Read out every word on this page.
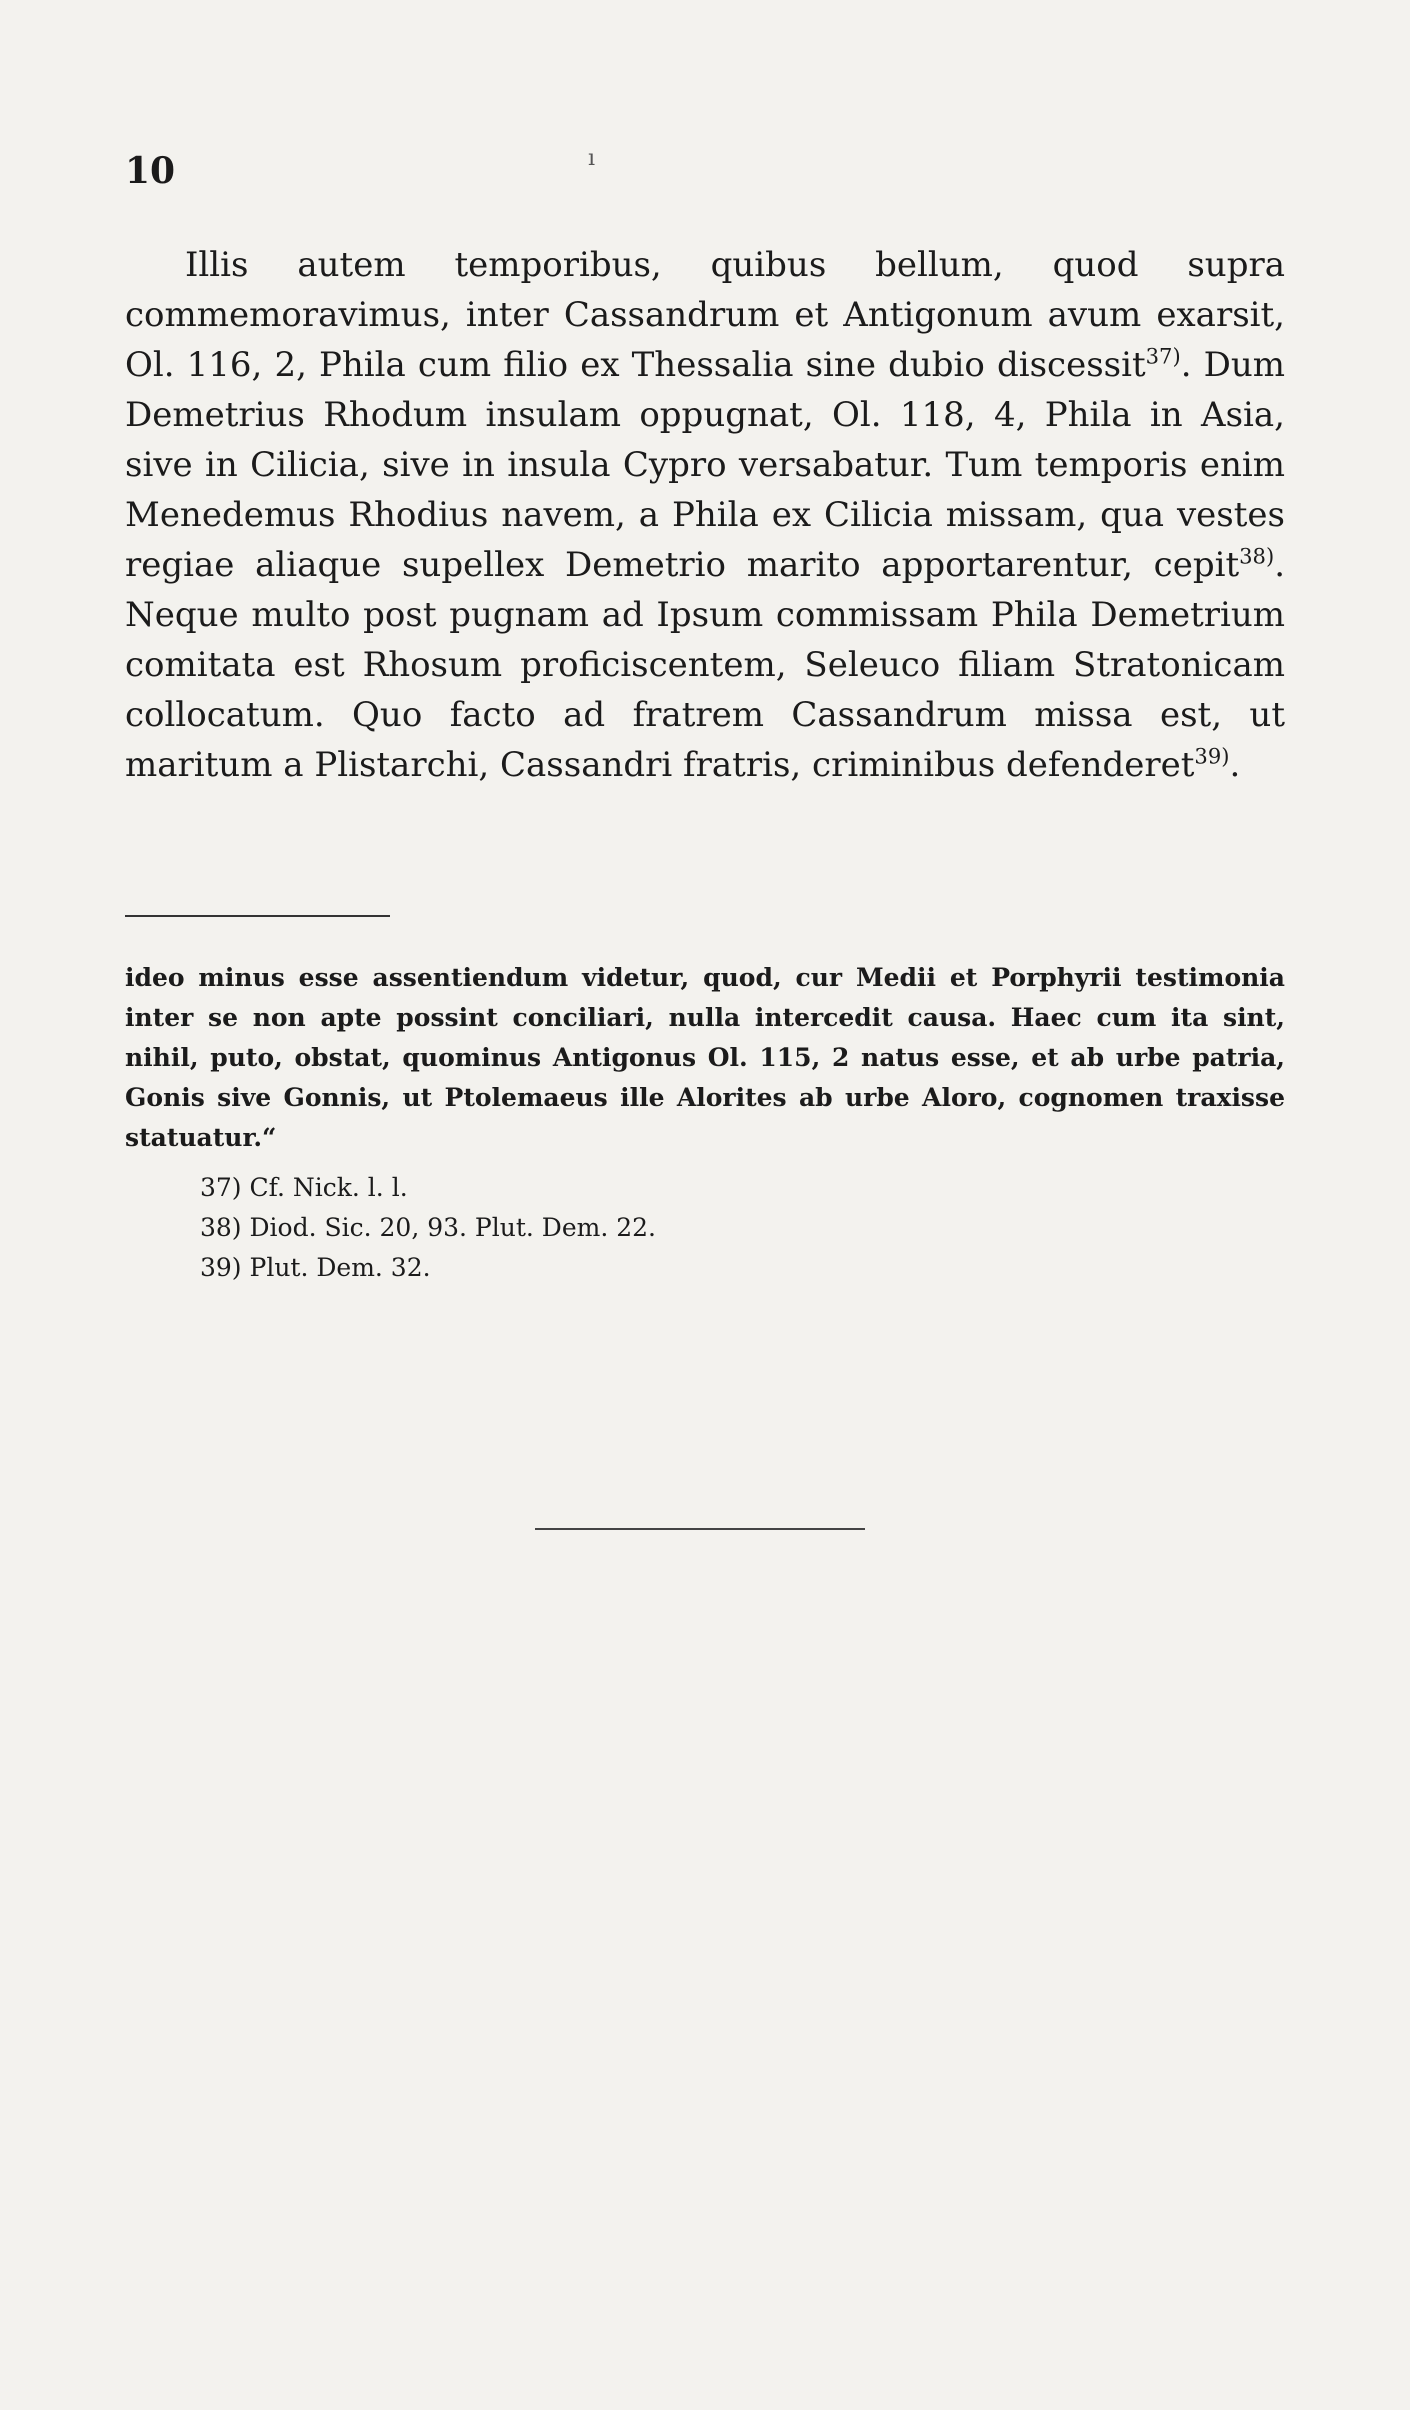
10	ı

Illis autem temporibus, quibus bellum, quod supra commemoravimus, inter Cassandrum et Antigonum avum exarsit, Ol. 116, 2, Phila cum filio ex Thessalia sine dubio discessit$^{37)}$. Dum Demetrius Rhodum insulam oppugnat, Ol. 118, 4, Phila in Asia, sive in Cilicia, sive in insula Cypro versabatur. Tum temporis enim Menedemus Rhodius navem, a Phila ex Cilicia missam, qua vestes regiae aliaque supellex Demetrio marito apportarentur, cepit$^{38)}$. Neque multo post pugnam ad Ipsum commissam Phila Demetrium comitata est Rhosum proficiscentem, Seleuco filiam Stratonicam collocatum. Quo facto ad fratrem Cassandrum missa est, ut maritum a Plistarchi, Cassandri fratris, criminibus defenderet$^{39)}$.

ideo minus esse assentiendum videtur, quod, cur Medii et Porphyrii testimonia inter se non apte possint conciliari, nulla intercedit causa. Haec cum ita sint, nihil, puto, obstat, quominus Antigonus Ol. 115, 2 natus esse, et ab urbe patria, Gonis sive Gonnis, ut Ptolemaeus ille Alorites ab urbe Aloro, cognomen traxisse statuatur.“

37) Cf. Nick. l. l.
38) Diod. Sic. 20, 93. Plut. Dem. 22.
39) Plut. Dem. 32.
